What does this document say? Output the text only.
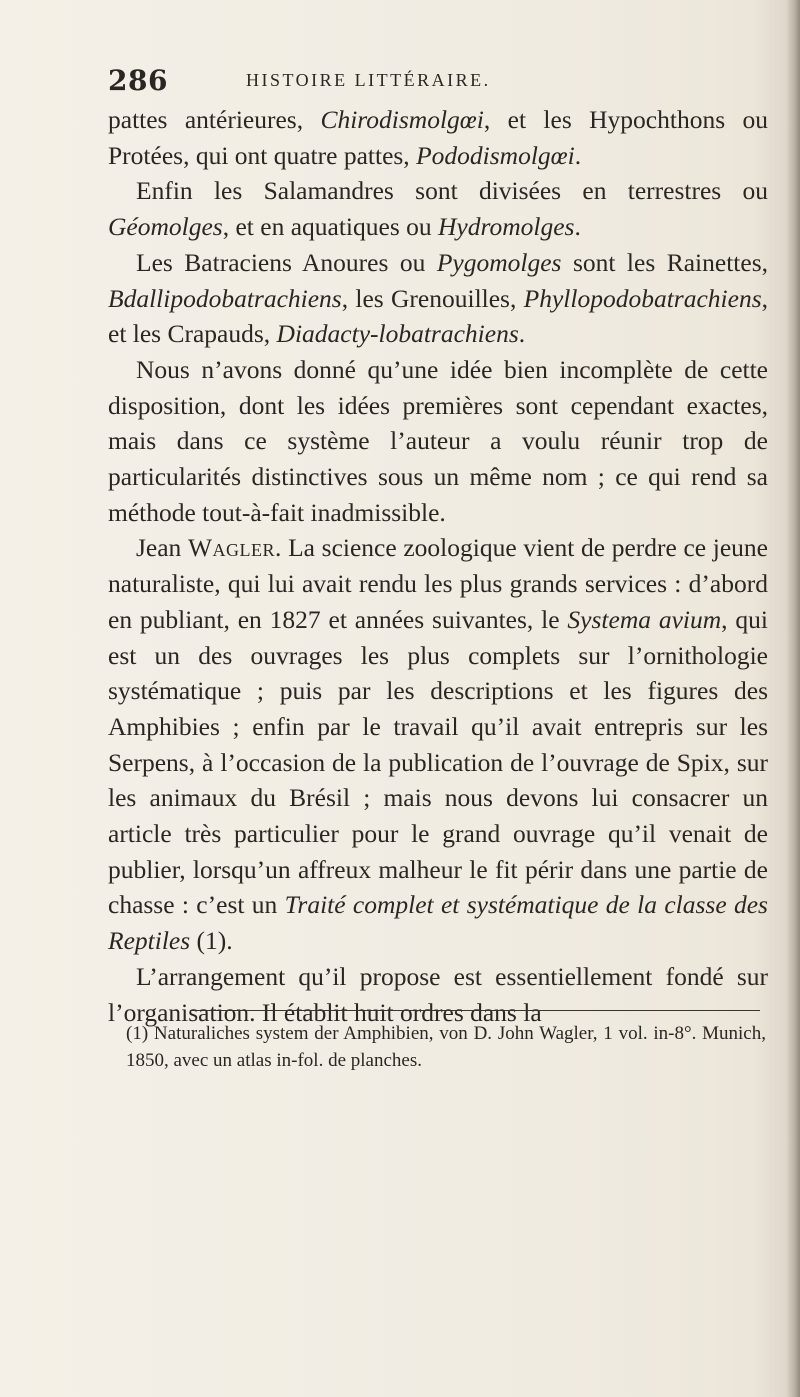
286	HISTOIRE LITTÉRAIRE.

pattes antérieures, Chirodismolgœi, et les Hypochthons ou Protées, qui ont quatre pattes, Pododismolgœi.

Enfin les Salamandres sont divisées en terrestres ou Géomolges, et en aquatiques ou Hydromolges.

Les Batraciens Anoures ou Pygomolges sont les Rainettes, Bdallipodobatrachiens, les Grenouilles, Phyllopodobatrachiens, et les Crapauds, Diadacty-lobatrachiens.

Nous n’avons donné qu’une idée bien incomplète de cette disposition, dont les idées premières sont cependant exactes, mais dans ce système l’auteur a voulu réunir trop de particularités distinctives sous un même nom ; ce qui rend sa méthode tout-à-fait inadmissible.

Jean Wagler. La science zoologique vient de perdre ce jeune naturaliste, qui lui avait rendu les plus grands services : d’abord en publiant, en 1827 et années suivantes, le Systema avium, qui est un des ouvrages les plus complets sur l’ornithologie systématique ; puis par les descriptions et les figures des Amphibies ; enfin par le travail qu’il avait entrepris sur les Serpens, à l’occasion de la publication de l’ouvrage de Spix, sur les animaux du Brésil ; mais nous devons lui consacrer un article très particulier pour le grand ouvrage qu’il venait de publier, lorsqu’un affreux malheur le fit périr dans une partie de chasse : c’est un Traité complet et systématique de la classe des Reptiles (1).

L’arrangement qu’il propose est essentiellement fondé sur l’organisation. Il établit huit ordres dans la

(1) Naturaliches system der Amphibien, von D. John Wagler, 1 vol. in-8°. Munich, 1850, avec un atlas in-fol. de planches.
